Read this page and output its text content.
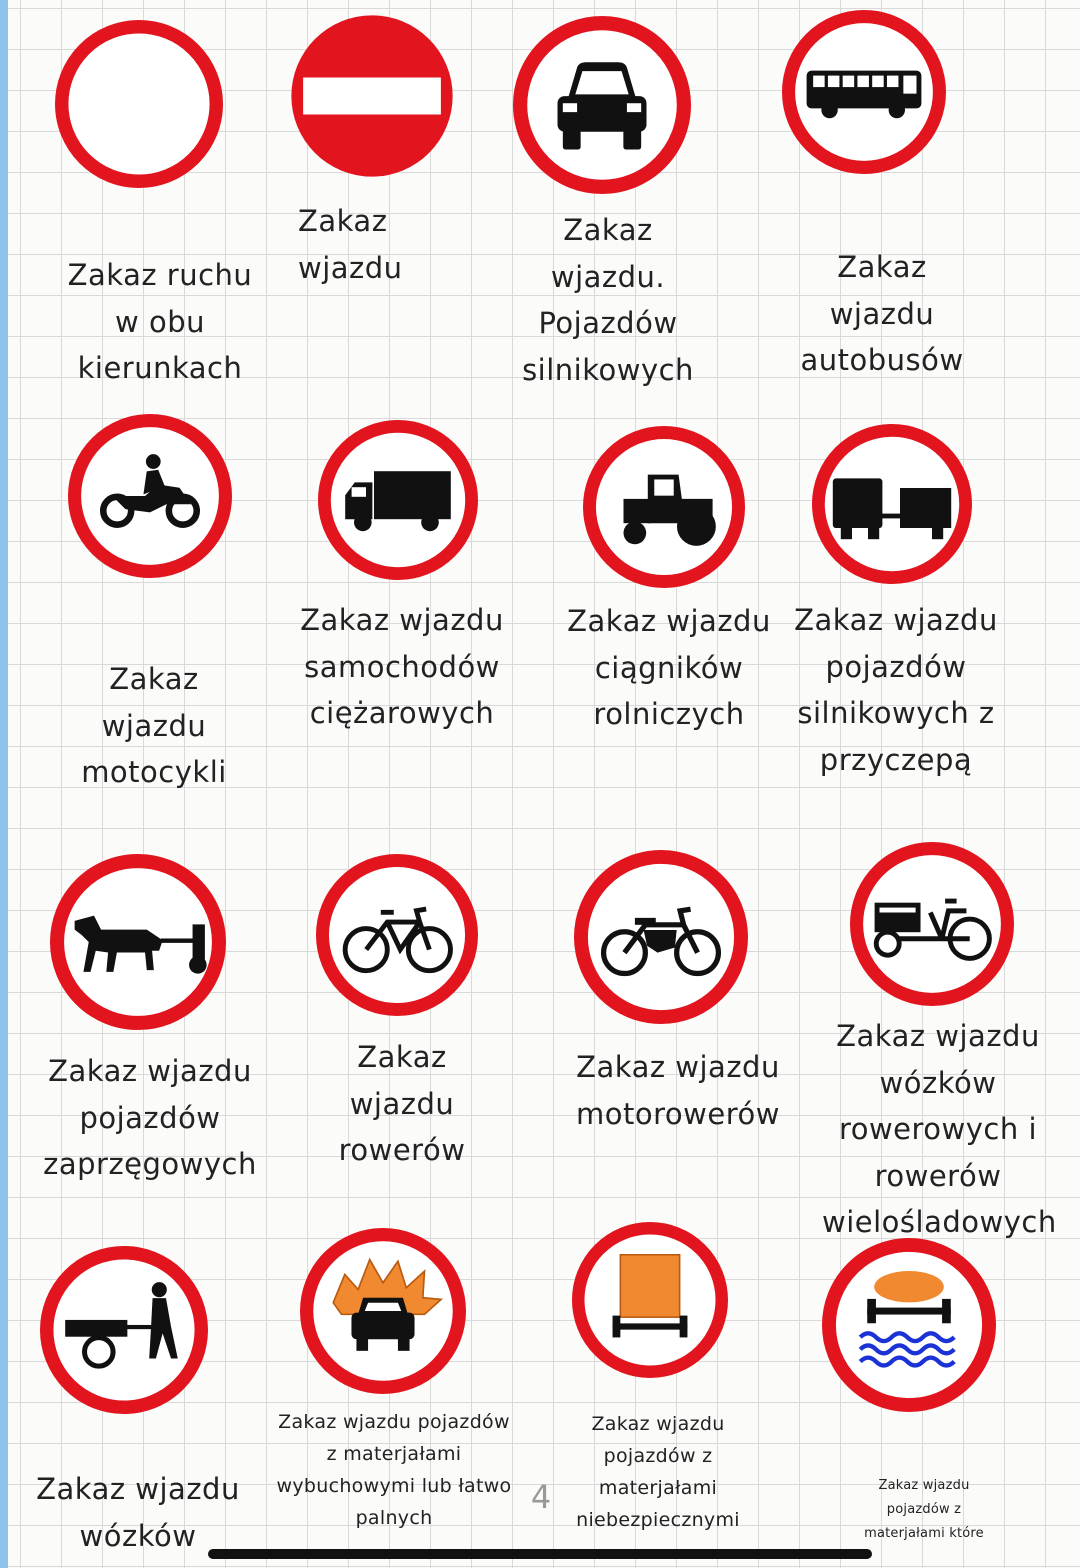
Zakaz ruchu
w obu
kierunkach
Zakaz
wjazdu
Zakaz
wjazdu.
Pojazdów
silnikowych
Zakaz
wjazdu
autobusów
Zakaz
wjazdu
motocykli
Zakaz wjazdu
samochodów
ciężarowych
Zakaz wjazdu
ciągników
rolniczych
Zakaz wjazdu
pojazdów
silnikowych z
przyczepą
Zakaz wjazdu
pojazdów
zaprzęgowych
Zakaz
wjazdu
rowerów
Zakaz wjazdu
motorowerów
Zakaz wjazdu
wózków
rowerowych i
rowerów
wielośladowych
Zakaz wjazdu
wózków
Zakaz wjazdu pojazdów
z materjałami
wybuchowymi lub łatwo
palnych
Zakaz wjazdu
pojazdów z
materjałami
niebezpiecznymi
Zakaz wjazdu
pojazdów z
materjałami które
4
